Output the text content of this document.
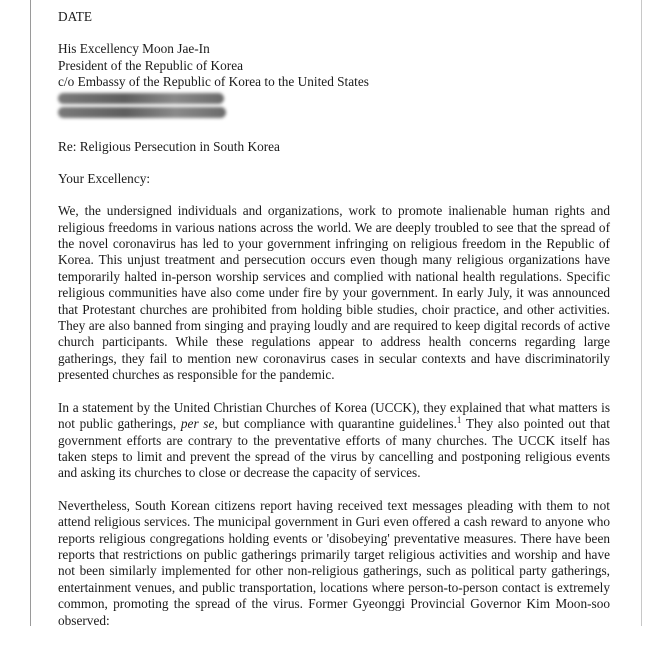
DATE
His Excellency Moon Jae-In
President of the Republic of Korea
c/o Embassy of the Republic of Korea to the United States
Re: Religious Persecution in South Korea
Your Excellency:

We, the undersigned individuals and organizations, work to promote inalienable human rights and religious freedoms in various nations across the world. We are deeply troubled to see that the spread of the novel coronavirus has led to your government infringing on religious freedom in the Republic of Korea. This unjust treatment and persecution occurs even though many religious organizations have temporarily halted in-person worship services and complied with national health regulations. Specific religious communities have also come under fire by your government. In early July, it was announced that Protestant churches are prohibited from holding bible studies, choir practice, and other activities. They are also banned from singing and praying loudly and are required to keep digital records of active church participants. While these regulations appear to address health concerns regarding large gatherings, they fail to mention new coronavirus cases in secular contexts and have discriminatorily presented churches as responsible for the pandemic.

In a statement by the United Christian Churches of Korea (UCCK), they explained that what matters is not public gatherings, per se, but compliance with quarantine guidelines.$^1$ They also pointed out that government efforts are contrary to the preventative efforts of many churches. The UCCK itself has taken steps to limit and prevent the spread of the virus by cancelling and postponing religious events and asking its churches to close or decrease the capacity of services.

Nevertheless, South Korean citizens report having received text messages pleading with them to not attend religious services. The municipal government in Guri even offered a cash reward to anyone who reports religious congregations holding events or 'disobeying' preventative measures. There have been reports that restrictions on public gatherings primarily target religious activities and worship and have not been similarly implemented for other non-religious gatherings, such as political party gatherings, entertainment venues, and public transportation, locations where person-to-person contact is extremely common, promoting the spread of the virus. Former Gyeonggi Provincial Governor Kim Moon-soo observed:
